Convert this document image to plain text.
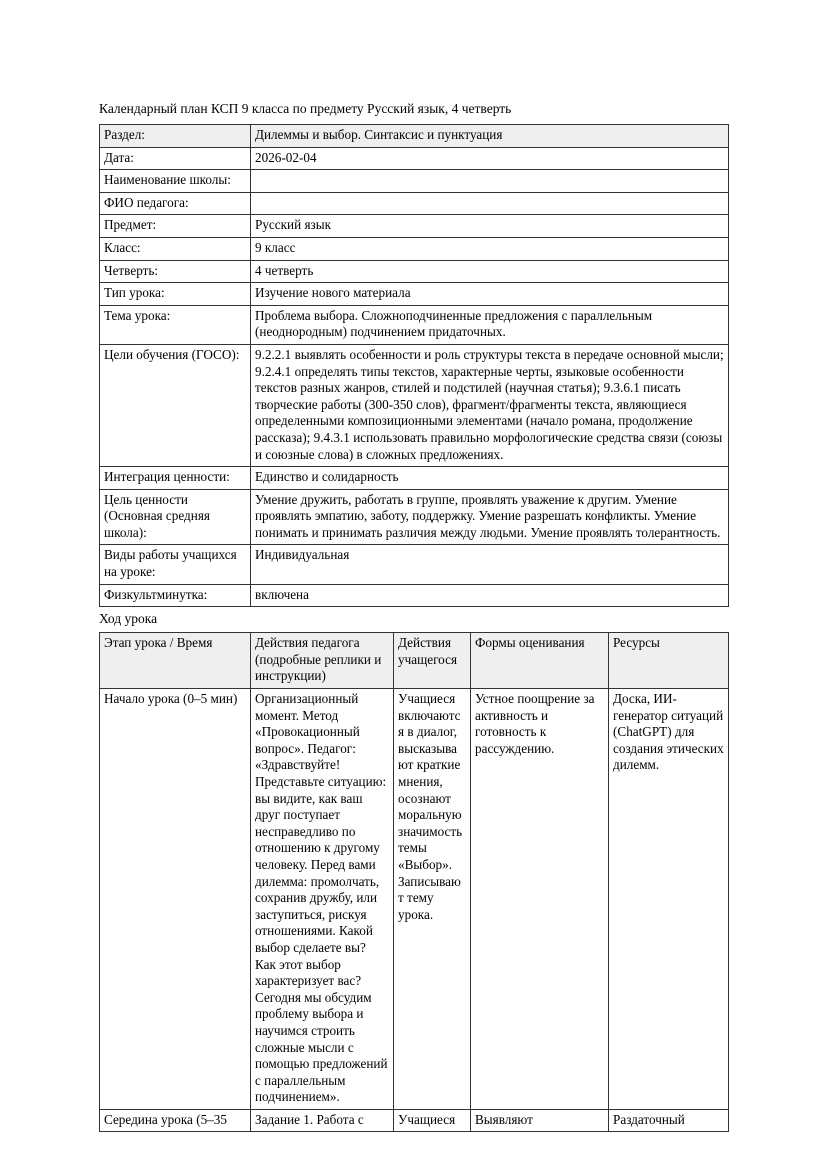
Календарный план КСП 9 класса по предмету Русский язык, 4 четверть
Раздел:	Дилеммы и выбор. Синтаксис и пунктуация
Дата:	2026-02-04
Наименование школы:	
ФИО педагога:	
Предмет:	Русский язык
Класс:	9 класс
Четверть:	4 четверть
Тип урока:	Изучение нового материала
Тема урока:	Проблема выбора. Сложноподчиненные предложения с параллельным (неоднородным) подчинением придаточных.
Цели обучения (ГОСО):	9.2.2.1 выявлять особенности и роль структуры текста в передаче основной мысли; 9.2.4.1 определять типы текстов, характерные черты, языковые особенности текстов разных жанров, стилей и подстилей (научная статья); 9.3.6.1 писать творческие работы (300-350 слов), фрагмент/фрагменты текста, являющиеся определенными композиционными элементами (начало романа, продолжение рассказа); 9.4.3.1 использовать правильно морфологические средства связи (союзы и союзные слова) в сложных предложениях.
Интеграция ценности:	Единство и солидарность
Цель ценности (Основная средняя школа):	Умение дружить, работать в группе, проявлять уважение к другим. Умение проявлять эмпатию, заботу, поддержку. Умение разрешать конфликты. Умение понимать и принимать различия между людьми. Умение проявлять толерантность.
Виды работы учащихся на уроке:	Индивидуальная
Физкультминутка:	включена
Ход урока
Этап урока / Время	Действия педагога (подробные реплики и инструкции)	Действия учащегося	Формы оценивания	Ресурсы
Начало урока (0–5 мин)	Организационный момент. Метод «Провокационный вопрос». Педагог: «Здравствуйте! Представьте ситуацию: вы видите, как ваш друг поступает несправедливо по отношению к другому человеку. Перед вами дилемма: промолчать, сохранив дружбу, или заступиться, рискуя отношениями. Какой выбор сделаете вы? Как этот выбор характеризует вас? Сегодня мы обсудим проблему выбора и научимся строить сложные мысли с помощью предложений с параллельным подчинением».	Учащиеся включаются в диалог, высказывают краткие мнения, осознают моральную значимость темы «Выбор». Записывают тему урока.	Устное поощрение за активность и готовность к рассуждению.	Доска, ИИ-генератор ситуаций (ChatGPT) для создания этических дилемм.
Середина урока (5–35	Задание 1. Работа с	Учащиеся	Выявляют	Раздаточный
